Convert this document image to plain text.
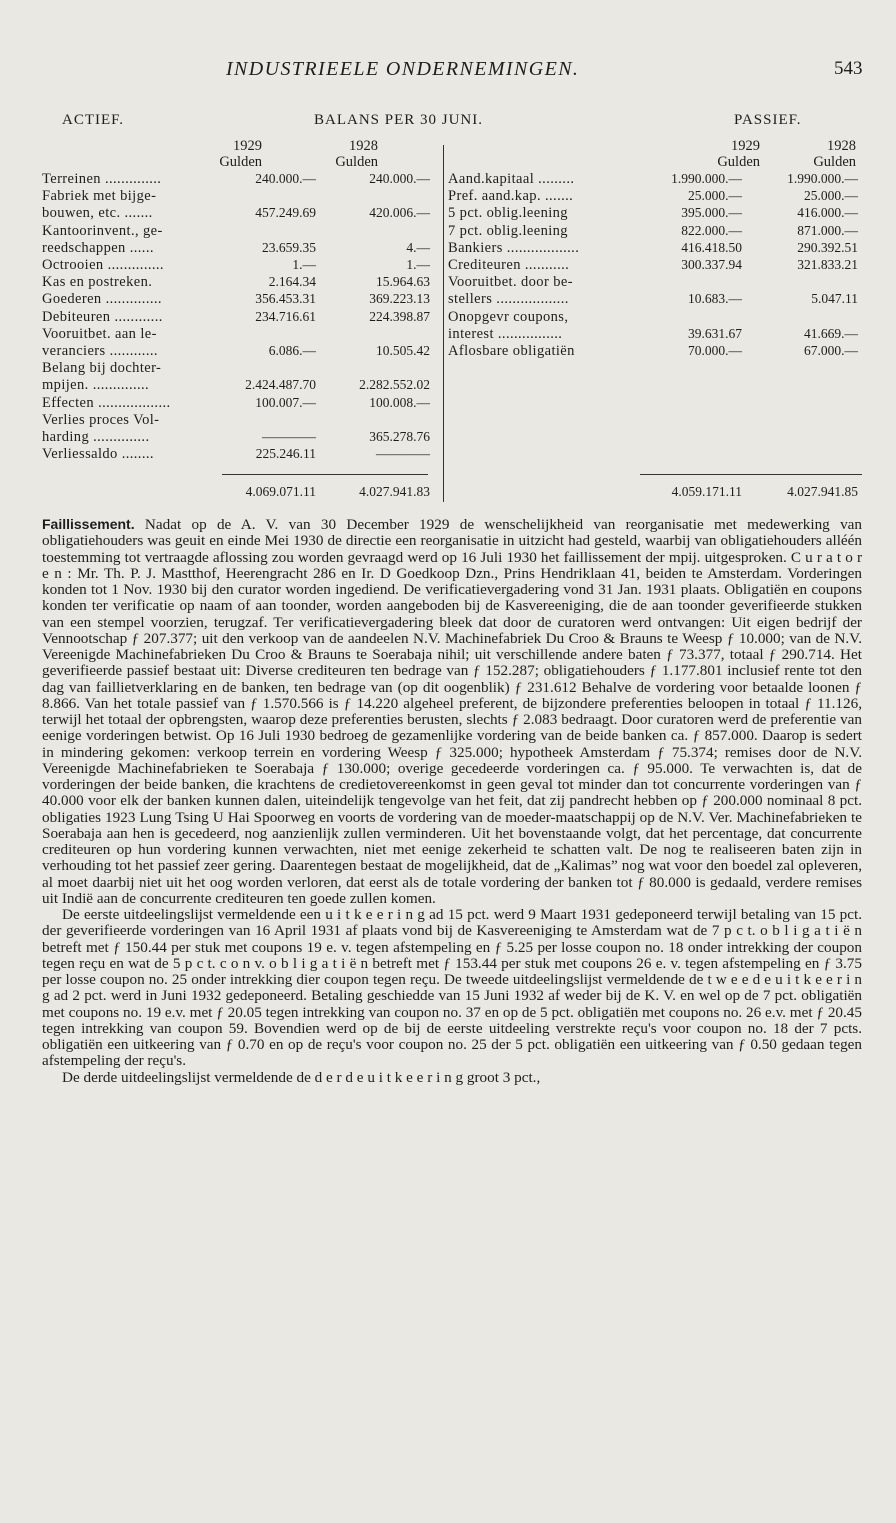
INDUSTRIEELE ONDERNEMINGEN.	543
ACTIEF.	BALANS PER 30 JUNI.	PASSIEF.
1929	1928
Gulden	Gulden
1929	1928
Gulden	Gulden
Terreinen ..............	240.000.—	240.000.—
Fabriek met bijge-
bouwen, etc. .......	457.249.69	420.006.—
Kantoorinvent., ge-
reedschappen ......	23.659.35	4.—
Octrooien ..............	1.—	1.—
Kas en postreken.	2.164.34	15.964.63
Goederen ..............	356.453.31	369.223.13
Debiteuren ............	234.716.61	224.398.87
Vooruitbet. aan le-
veranciers ............	6.086.—	10.505.42
Belang bij dochter-
mpijen. ..............	2.424.487.70	2.282.552.02
Effecten ..................	100.007.—	100.008.—
Verlies proces Vol-
harding ..............	————	365.278.76
Verliessaldo ........	225.246.11	————
Aand.kapitaal .........	1.990.000.—	1.990.000.—
Pref. aand.kap. .......	25.000.—	25.000.—
5 pct. oblig.leening	395.000.—	416.000.—
7 pct. oblig.leening	822.000.—	871.000.—
Bankiers ..................	416.418.50	290.392.51
Crediteuren ...........	300.337.94	321.833.21
Vooruitbet. door be-
stellers ..................	10.683.—	5.047.11
Onopgevr coupons,
interest ................	39.631.67	41.669.—
Aflosbare obligatiën	70.000.—	67.000.—
4.069.071.11	4.027.941.83	4.059.171.11	4.027.941.85

Faillissement. Nadat op de A. V. van 30 December 1929 de wenschelijkheid van reorganisatie met medewerking van obligatiehouders was geuit en einde Mei 1930 de directie een reorganisatie in uitzicht had gesteld, waarbij van obligatiehouders alléén toestemming tot vertraagde aflossing zou worden gevraagd werd op 16 Juli 1930 het faillissement der mpij. uitgesproken. C u r a t o r e n : Mr. Th. P. J. Mastthof, Heerengracht 286 en Ir. D Goedkoop Dzn., Prins Hendriklaan 41, beiden te Amsterdam. Vorderingen konden tot 1 Nov. 1930 bij den curator worden ingediend. De verificatievergadering vond 31 Jan. 1931 plaats. Obligatiën en coupons konden ter verificatie op naam of aan toonder, worden aangeboden bij de Kasvereeniging, die de aan toonder geverifieerde stukken van een stempel voorzien, terugzaf. Ter verificatievergadering bleek dat door de curatoren werd ontvangen: Uit eigen bedrijf der Vennootschap ƒ 207.377; uit den verkoop van de aandeelen N.V. Machinefabriek Du Croo & Brauns te Weesp ƒ 10.000; van de N.V. Vereenigde Machinefabrieken Du Croo & Brauns te Soerabaja nihil; uit verschillende andere baten ƒ 73.377, totaal ƒ 290.714. Het geverifieerde passief bestaat uit: Diverse crediteuren ten bedrage van ƒ 152.287; obligatiehouders ƒ 1.177.801 inclusief rente tot den dag van faillietverklaring en de banken, ten bedrage van (op dit oogenblik) ƒ 231.612 Behalve de vordering voor betaalde loonen ƒ 8.866. Van het totale passief van ƒ 1.570.566 is ƒ 14.220 algeheel preferent, de bijzondere preferenties beloopen in totaal ƒ 11.126, terwijl het totaal der opbrengsten, waarop deze preferenties berusten, slechts ƒ 2.083 bedraagt. Door curatoren werd de preferentie van eenige vorderingen betwist. Op 16 Juli 1930 bedroeg de gezamenlijke vordering van de beide banken ca. ƒ 857.000. Daarop is sedert in mindering gekomen: verkoop terrein en vordering Weesp ƒ 325.000; hypotheek Amsterdam ƒ 75.374; remises door de N.V. Vereenigde Machinefabrieken te Soerabaja ƒ 130.000; overige gecedeerde vorderingen ca. ƒ 95.000. Te verwachten is, dat de vorderingen der beide banken, die krachtens de credietovereenkomst in geen geval tot minder dan tot concurrente vorderingen van ƒ 40.000 voor elk der banken kunnen dalen, uiteindelijk tengevolge van het feit, dat zij pandrecht hebben op ƒ 200.000 nominaal 8 pct. obligaties 1923 Lung Tsing U Hai Spoorweg en voorts de vordering van de moeder-maatschappij op de N.V. Ver. Machinefabrieken te Soerabaja aan hen is gecedeerd, nog aanzienlijk zullen verminderen. Uit het bovenstaande volgt, dat het percentage, dat concurrente crediteuren op hun vordering kunnen verwachten, niet met eenige zekerheid te schatten valt. De nog te realiseeren baten zijn in verhouding tot het passief zeer gering. Daarentegen bestaat de mogelijkheid, dat de „Kalimas” nog wat voor den boedel zal opleveren, al moet daarbij niet uit het oog worden verloren, dat eerst als de totale vordering der banken tot ƒ 80.000 is gedaald, verdere remises uit Indië aan de concurrente crediteuren ten goede zullen komen.

De eerste uitdeelingslijst vermeldende een u i t k e e r i n g ad 15 pct. werd 9 Maart 1931 gedeponeerd terwijl betaling van 15 pct. der geverifieerde vorderingen van 16 April 1931 af plaats vond bij de Kasvereeniging te Amsterdam wat de 7 p c t. o b l i g a t i ë n betreft met ƒ 150.44 per stuk met coupons 19 e. v. tegen afstempeling en ƒ 5.25 per losse coupon no. 18 onder intrekking der coupon tegen reçu en wat de 5 p c t. c o n v. o b l i g a t i ë n betreft met ƒ 153.44 per stuk met coupons 26 e. v. tegen afstempeling en ƒ 3.75 per losse coupon no. 25 onder intrekking dier coupon tegen reçu. De tweede uitdeelingslijst vermeldende de t w e e d e u i t k e e r i n g ad 2 pct. werd in Juni 1932 gedeponeerd. Betaling geschiedde van 15 Juni 1932 af weder bij de K. V. en wel op de 7 pct. obligatiën met coupons no. 19 e.v. met ƒ 20.05 tegen intrekking van coupon no. 37 en op de 5 pct. obligatiën met coupons no. 26 e.v. met ƒ 20.45 tegen intrekking van coupon 59. Bovendien werd op de bij de eerste uitdeeling verstrekte reçu's voor coupon no. 18 der 7 pcts. obligatiën een uitkeering van ƒ 0.70 en op de reçu's voor coupon no. 25 der 5 pct. obligatiën een uitkeering van ƒ 0.50 gedaan tegen afstempeling der reçu's.

De derde uitdeelingslijst vermeldende de d e r d e u i t k e e r i n g groot 3 pct.,
